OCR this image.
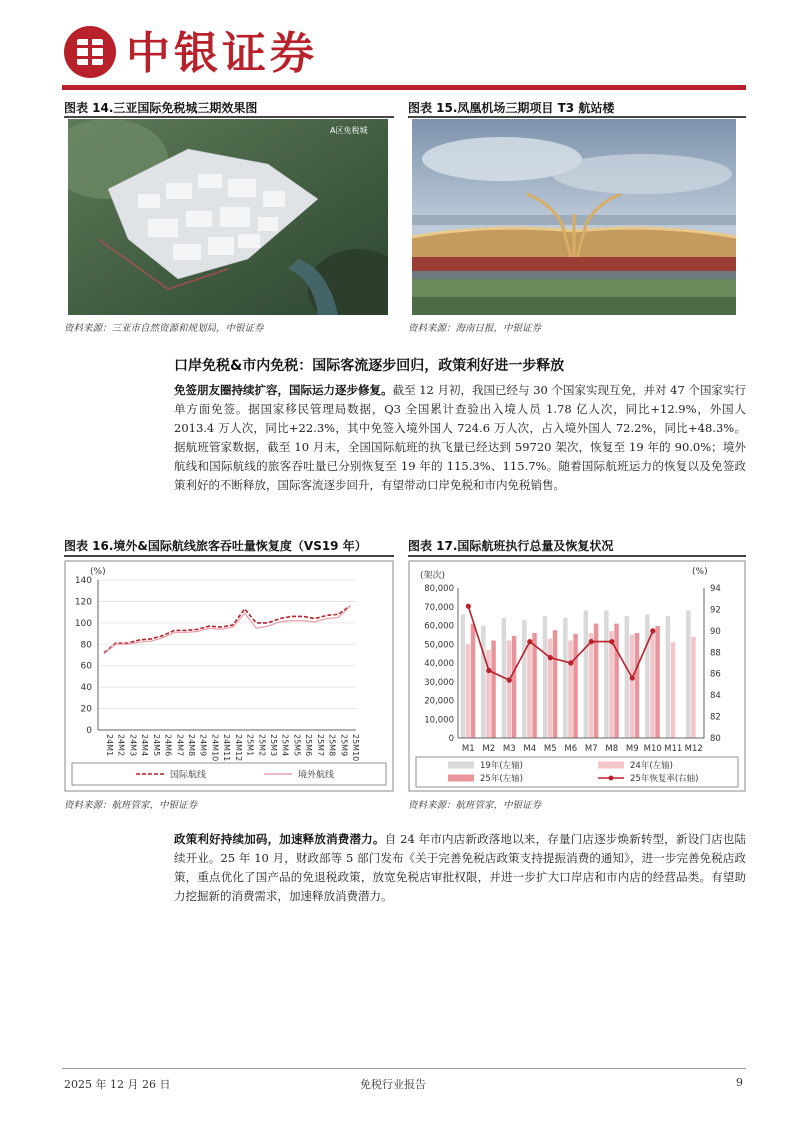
中银证券
图表 14.三亚国际免税城三期效果图
A区免税城
资料来源：三亚市自然资源和规划局，中银证券
图表 15.凤凰机场三期项目 T3 航站楼
资料来源：海南日报，中银证券
口岸免税&市内免税：国际客流逐步回归，政策利好进一步释放
免签朋友圈持续扩容，国际运力逐步修复。截至 12 月初，我国已经与 30 个国家实现互免，并对 47 个国家实行单方面免签。据国家移民管理局数据，Q3 全国累计查验出入境人员 1.78 亿人次，同比+12.9%，外国人 2013.4 万人次，同比+22.3%，其中免签入境外国人 724.6 万人次，占入境外国人 72.2%，同比+48.3%。据航班管家数据，截至 10 月末，全国国际航班的执飞量已经达到 59720 架次，恢复至 19 年的 90.0%；境外航线和国际航线的旅客吞吐量已分别恢复至 19 年的 115.3%、115.7%。随着国际航班运力的恢复以及免签政策利好的不断释放，国际客流逐步回升，有望带动口岸免税和市内免税销售。
图表 16.境外&国际航线旅客吞吐量恢复度（VS19 年）
(%)
0
20
40
60
80
100
120
140
24M1 24M2 24M3 24M4 24M5 24M6 24M7 24M8 24M9 24M10 24M11 24M12 25M1 25M2 25M3 25M4 25M5 25M6 25M7 25M8 25M9 25M10
国际航线	境外航线
资料来源：航班管家，中银证券
图表 17.国际航班执行总量及恢复状况
(架次)	(%)
0
10,000
20,000
30,000
40,000
50,000
60,000
70,000
80,000
80
82
84
86
88
90
92
94
M1 M2 M3 M4 M5 M6 M7 M8 M9 M10 M11 M12
19年(左轴)	24年(左轴)
25年(左轴)	25年恢复率(右轴)
资料来源：航班管家，中银证券
政策利好持续加码，加速释放消费潜力。自 24 年市内店新政落地以来，存量门店逐步焕新转型，新设门店也陆续开业。25 年 10 月，财政部等 5 部门发布《关于完善免税店政策支持提振消费的通知》，进一步完善免税店政策，重点优化了国产品的免退税政策，放宽免税店审批权限，并进一步扩大口岸店和市内店的经营品类。有望助力挖掘新的消费需求，加速释放消费潜力。
2025 年 12 月 26 日	免税行业报告	9
